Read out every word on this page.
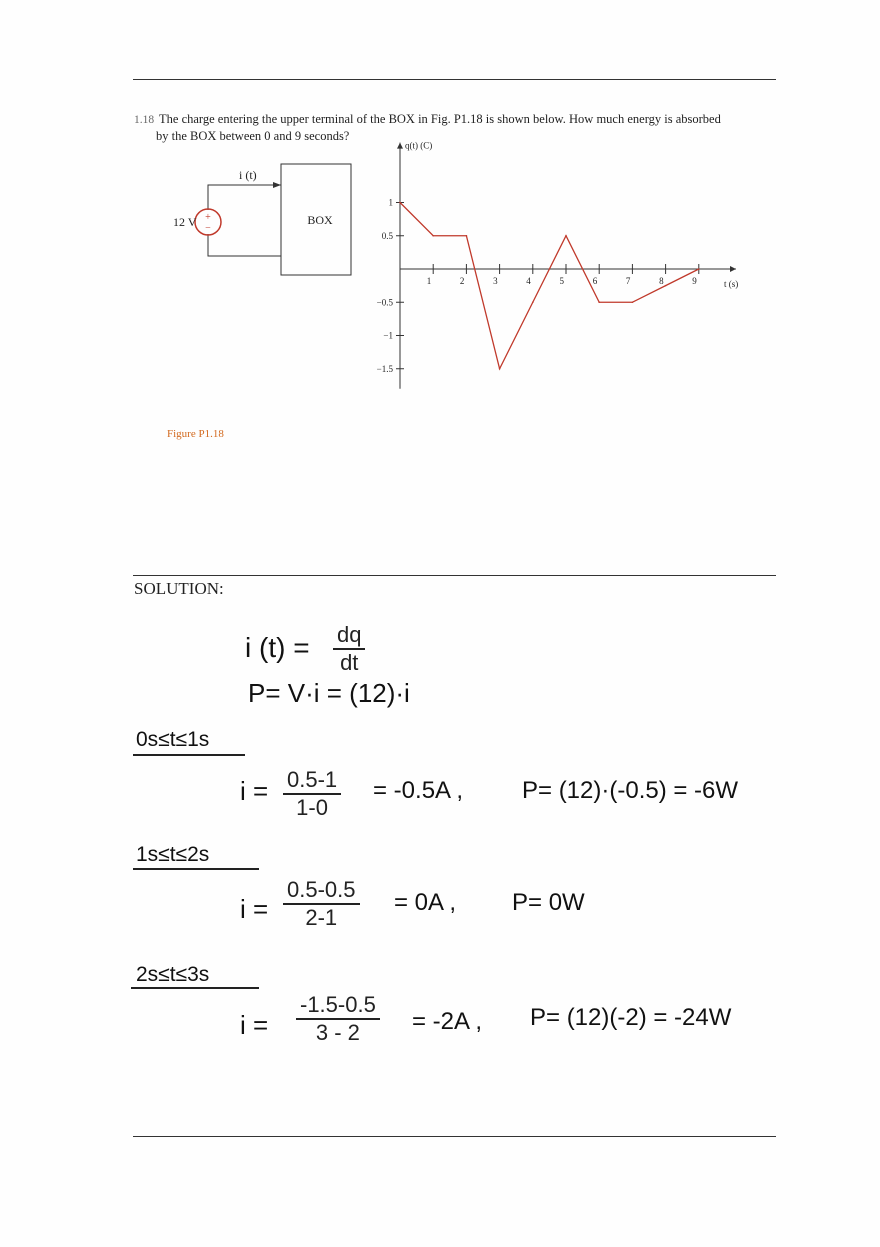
1.18 The charge entering the upper terminal of the BOX in Fig. P1.18 is shown below. How much energy is absorbed
by the BOX between 0 and 9 seconds?
+
−
12 V
i (t)
BOX
1	2	3	4	5	6	7	8	9
1
0.5
−0.5
−1
−1.5
q(t) (C)
t (s)
Figure P1.18
SOLUTION:
i (t) = dq
dt
P= V·i = (12)·i
0s≤t≤1s
i = 0.5-1
1-0
= -0.5A , P= (12)·(-0.5) = -6W
1s≤t≤2s
i =
0.5-0.5
2-1
= 0A , P= 0W
2s≤t≤3s
i =
-1.5-0.5
3 - 2 = -2A , P= (12)(-2) = -24W
